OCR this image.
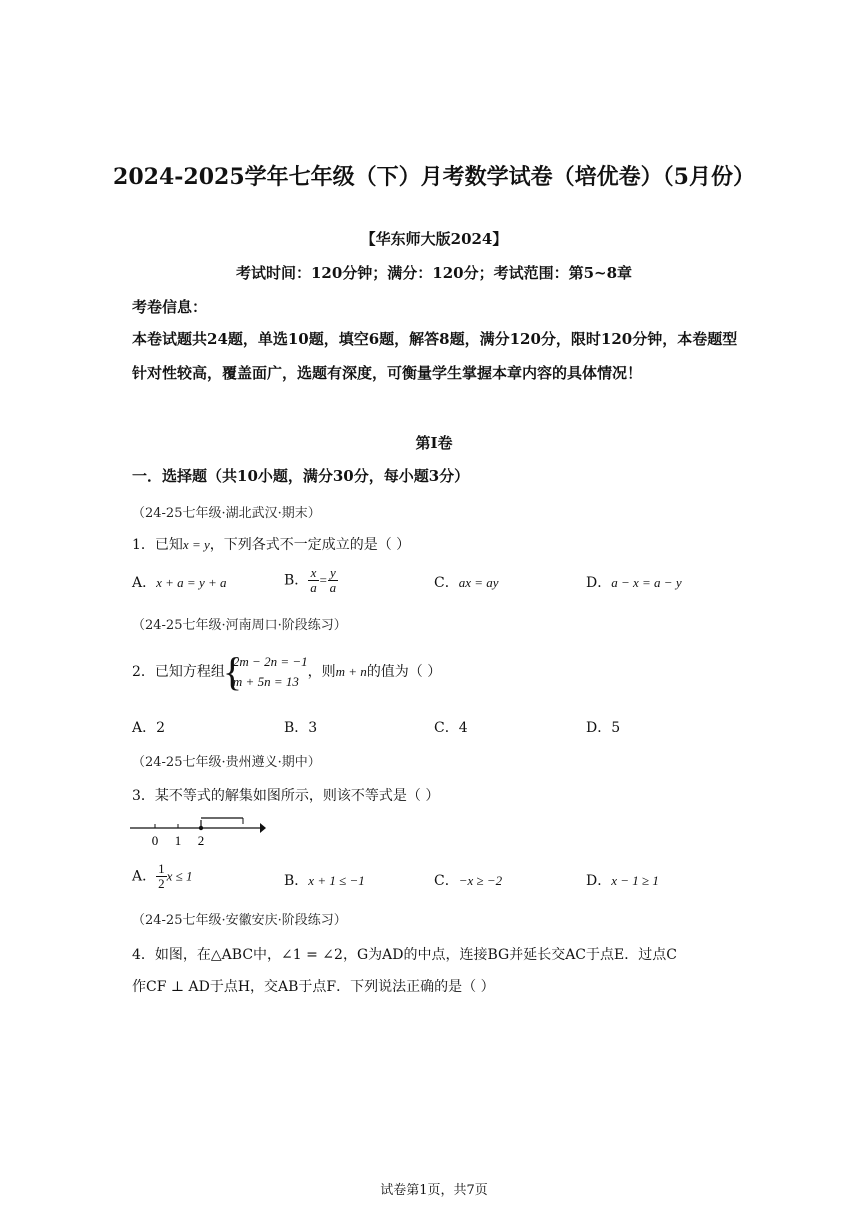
2024-2025学年七年级（下）月考数学试卷（培优卷）（5月份）
【华东师大版2024】
考试时间：120分钟；满分：120分；考试范围：第5~8章
考卷信息：
本卷试题共24题，单选10题，填空6题，解答8题，满分120分，限时120分钟，本卷题型针对性较高，覆盖面广，选题有深度，可衡量学生掌握本章内容的具体情况！
第Ⅰ卷
一．选择题（共10小题，满分30分，每小题3分）
（24-25七年级·湖北武汉·期末）
1．已知x = y，下列各式不一定成立的是（ ）
A．x + a = y + a	B． $\frac{x}{a} = \frac{y}{a}$	C．ax = ay	D．a − x = a − y
（24-25七年级·河南周口·阶段练习）
2．已知方程组
{
2m − 2n = −1
m + 5n = 13
，则m + n的值为（ ）
A．2	B．3	C．4	D．5
（24-25七年级·贵州遵义·期中）
3．某不等式的解集如图所示，则该不等式是（ ）
0 1 2
A． $\frac{1}{2}$ x ≤ 1	B．x + 1 ≤ −1	C．−x ≥ −2	D．x − 1 ≥ 1
（24-25七年级·安徽安庆·阶段练习）
4．如图，在△ABC中，∠1 = ∠2，G为AD的中点，连接BG并延长交AC于点E．过点C
作CF ⊥ AD于点H，交AB于点F．下列说法正确的是（ ）
试卷第1页，共7页
